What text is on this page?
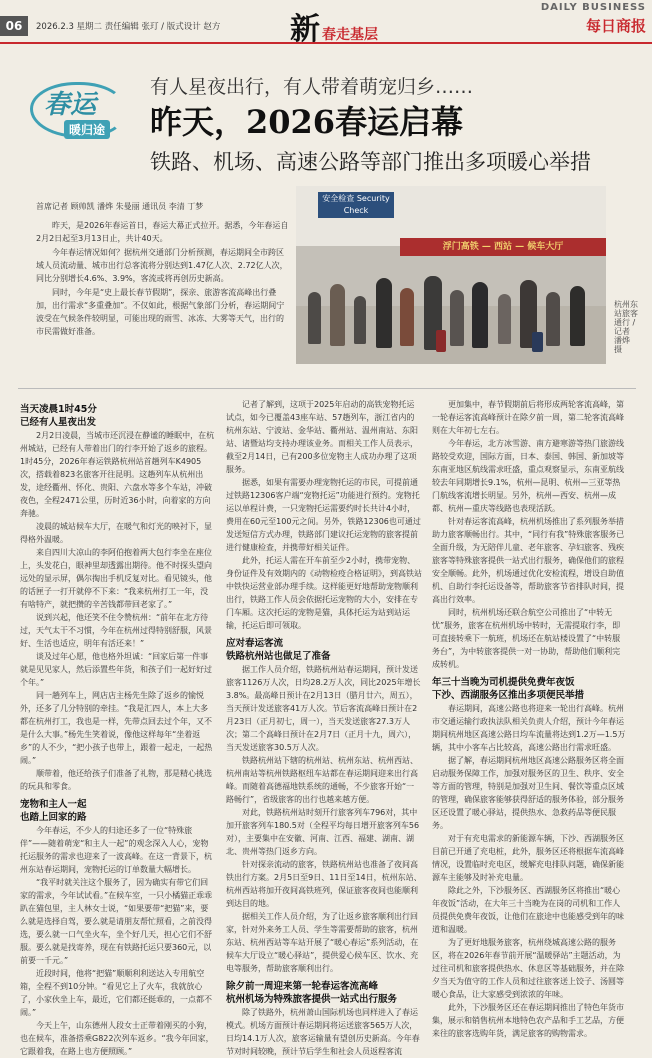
06	2026.2.3 星期二 责任编辑 张玎 / 版式设计 赵方 新春走基层
DAILY BUSINESS
每日商报
春运
暖归途
有人星夜出行，有人带着萌宠归乡……
昨天，2026春运启幕
铁路、机场、高速公路等部门推出多项暖心举措
安全检查 Security Check
浮门高铁 — 西站 — 候车大厅
杭州东站旅客 通行 / 记者 潘烨 摄
首席记者 顾帅凯 潘烨 朱曼丽 通讯员 李清 丁梦

昨天，是2026年春运首日，春运大幕正式拉开。据悉，今年春运自2月2日起至3月13日止，共计40天。

今年春运情况如何？据杭州交通部门分析预测，春运期间全市跨区域人员流动量、城市出行总客流将分别达到1.47亿人次、2.72亿人次，同比分别增长4.6%、3.9%，客流或将再创历史新高。

同时，今年是“史上最长春节假期”，探亲、旅游客流高峰出行叠加，出行需求“多重叠加”。不仅如此，根据气象部门分析，春运期间宁波受在气候条件较明显，可能出现的雨雪、冰冻、大雾等天气，出行的市民需做好准备。

当天凌晨1时45分
已经有人星夜出发

2月2日凌晨，当城市还沉浸在静谧的睡眠中，在杭州城站，已经有人带着出门的行李开始了返乡的旅程。1时45分，2026年春运铁路杭州站首趟列车K4905次，搭载着823名旅客开往昆明。这趟列车从杭州出发，途经衢州、怀化、贵阳、六盘水等多个车站，冲破夜色，全程2471公里，历时近36小时，向着家的方向奔驰。

凌晨的城站候车大厅，在暖气和灯光的映衬下，显得格外温暖。

来自四川大凉山的李阿伯抱着两大包行李坐在座位上，头发花白，眼神里却透露出期待。他不时探头望向远处的显示屏，偶尔掏出手机反复对比。看见镜头，他的话匣子一打开就停不下来：“我来杭州打工一年，没有啥特产，就把攒的辛苦钱都带回老家了。”

说到兴起，他还笑不住令赞杭州：“前年在北方待过，天气太干不习惯，今年在杭州过得特别舒服，风景好、生活也适应，明年有活还来！”

谈及过年心愿，他也格外坦诚：“回家后第一件事就是见见家人，然后添置些年货，和孩子们一起好好过个年。”

同一趟列车上，网店店主杨先生除了返乡的愉悦外，还多了几分特别的牵挂。“我是汇四人，本上大多都在杭州打工，我也是一样，先带点回去过个年，又不是什么大事。”杨先生笑着说，像他这样每年“坐着返乡”的人不少，“把小孩子也带上，跟着一起走，一起热闹。”

顺带着，他还给孩子们准备了礼物，那是精心挑选的玩具和零食。

宠物和主人一起
也踏上回家的路

今年春运，不少人的归途还多了一位“特殊旅伴”——随着萌宠“和主人一起”的观念深入人心，宠物托运服务的需求也迎来了一波高峰。在这一背景下，杭州东站春运期间，宠物托运的订单数量大幅增长。

“我平时就关注这个服务了，因为确实有带它们回家的需求，今年试试看。”在候车室，一只小橘猫正乖乖趴在猫包里，主人林女士说，“如果要带“把猫”来，要么就是选择自驾，要么就是请朋友帮忙照看，之前没得选，要么就一口气坐火车，坐个好几天，担心它们不舒服。要么就是找寄养，现在有铁路托运只要360元，以前要一千元。”

近段时间，他将“把猫”顺顺利利送达入专用航空箱，全程不到10分钟。“看见它上了火车，我就放心了，小家伙坐上车，最近，它们都还挺乖的，一点都不闹。”

今天上午，山东德州人段女士正带着刚买的小狗，也在候车，准备搭乘G822次列车返乡。“我今年回家，它跟着我，在路上也方便照顾。”

记者了解到，这项于2025年启动的高铁宠物托运试点，如今已覆盖43座车站、57趟列车，浙江省内的杭州东站、宁波站、金华站、衢州站、温州南站、东阳站、诸暨站均支持办理该业务。而相关工作人员表示，截至2月14日，已有200多位宠物主人成功办理了这项服务。

据悉，如果有需要办理宠物托运的市民，可提前通过铁路12306客户端“宠物托运”功能进行预约。宠物托运以单程计费，一只宠物托运需要约时长共计4小时，费用在60元至100元之间。另外，铁路12306也可通过发送短信方式办理，铁路部门建议托运宠物的旅客提前进行健康检查，并携带好相关证件。

此外，托运人需在开车前至少2小时，携带宠物、身份证件及有效期内的《动物检疫合格证明》，到高铁站中铁快运营业部办理手续。这样能更好地帮助宠物顺利出行，铁路工作人员会依据托运宠物的大小，安排在专门车厢。这次托运的宠物是猫，具体托运为站到站运输，托运后即可领取。

应对春运客流
铁路杭州站也做足了准备

据工作人员介绍，铁路杭州站春运期间，预计发送旅客1126万人次，日均28.2万人次，同比2025年增长3.8%。最高峰日预计在2月13日（腊月廿六，周五），当天预计发送旅客41万人次。节后客流高峰日预计在2月23日（正月初七，周一），当天发送旅客27.3万人次；第二个高峰日预计在2月7日（正月十九，周六），当天发送旅客30.5万人次。

铁路杭州站下辖的杭州站、杭州东站、杭州西站、杭州南站等杭州铁路枢纽车站都在春运期间迎来出行高峰。而随着高德福地铁系统的通畅，不少旅客开始“一路畅行”，省级旅客的出行也越来越方便。

对此，铁路杭州站时刻开行旅客列车796对，其中加开旅客列车180.5对（全程平均每日增开旅客列车56对），主要集中在安徽、河南、江西、福建、湖南、湖北、贵州等热门返乡方向。

针对探亲流动的旅客，铁路杭州站也准备了夜间高铁出行方案。2月5日至9日、11日至14日，杭州东站、杭州西站将加开夜间高铁班列，保证旅客夜间也能顺利到达目的地。

据相关工作人员介绍，为了让返乡旅客顺利出行回家，针对外来务工人员、学生等需要帮助的旅客，杭州东站、杭州西站等车站开展了“暖心春运”系列活动，在候车大厅设立“暖心驿站”，提供爱心候车区、饮水、充电等服务，帮助旅客顺利出行。

除夕前一周迎来第一轮春运客流高峰
杭州机场为特殊旅客提供一站式出行服务

除了铁路外，杭州萧山国际机场也同样进入了春运模式。机场方面预计春运期间将运送旅客565万人次，日均14.1万人次，旅客运输量有望创历史新高。今年春节对时间较晚，预计节后学生和社会人员返程客流

更加集中，春节假期前后将形成两轮客流高峰，第一轮春运客流高峰预计在除夕前一周，第二轮客流高峰则在大年初七左右。

今年春运，北方冰雪游、南方避寒游等热门旅游线路较受欢迎，国际方面，日本、泰国、韩国、新加坡等东南亚地区航线需求旺盛，重点观察显示，东南亚航线较去年同期增长9.1%，杭州—昆明、杭州—三亚等热门航线客流增长明显。另外，杭州—西安、杭州—成都、杭州—重庆等线路也表现活跃。

针对春运客流高峰，杭州机场推出了系列服务举措助力旅客顺畅出行。其中，“同行有我”特殊旅客服务已全面升级，为无陪伴儿童、老年旅客、孕妇旅客、残疾旅客等特殊旅客提供一站式出行服务，确保他们的旅程安全顺畅。此外，机场通过优化安检流程，增设自助值机、自助行李托运设备等，帮助旅客节省排队时间，提高出行效率。

同时，杭州机场还联合航空公司推出了“中转无忧”服务，旅客在杭州机场中转时，无需提取行李，即可直接转乘下一航班，机场还在航站楼设置了“中转服务台”，为中转旅客提供一对一协助，帮助他们顺利完成转机。

年三十当晚为司机提供免费年夜饭
下沙、西湖服务区推出多项便民举措

春运期间，高速公路也将迎来一轮出行高峰。杭州市交通运输行政执法队相关负责人介绍，预计今年春运期间杭州地区高速公路日均车流量将达到1.2万—1.5万辆，其中小客车占比较高，高速公路出行需求旺盛。

据了解，春运期间杭州地区高速公路服务区将全面启动服务保障工作，加强对服务区的卫生、秩序、安全等方面的管理，特别是加强对卫生间、餐饮等重点区域的管理，确保旅客能够获得舒适的服务体验，部分服务区还设置了暖心驿站，提供热水、急救药品等便民服务。

对于有充电需求的新能源车辆，下沙、西湖服务区目前已开通了充电桩，此外，服务区还将根据车流高峰情况，设置临时充电区，缓解充电排队问题，确保新能源车主能够及时补充电量。

除此之外，下沙服务区、西湖服务区将推出“暖心年夜饭”活动，在大年三十当晚为在岗的司机和工作人员提供免费年夜饭，让他们在旅途中也能感受到年的味道和温暖。

为了更好地服务旅客，杭州绕城高速公路的服务区，将在2026年春节前开展“温暖驿站”主题活动，为过往司机和旅客提供热水、休息区等基础服务，并在除夕当天为值守的工作人员和过往旅客送上饺子、汤圆等暖心食品，让大家感受到浓浓的年味。

此外，下沙服务区还在春运期间推出了特色年货市集，展示和销售杭州本地特色农产品和手工艺品，方便来往的旅客选购年货，满足旅客的购物需求。
